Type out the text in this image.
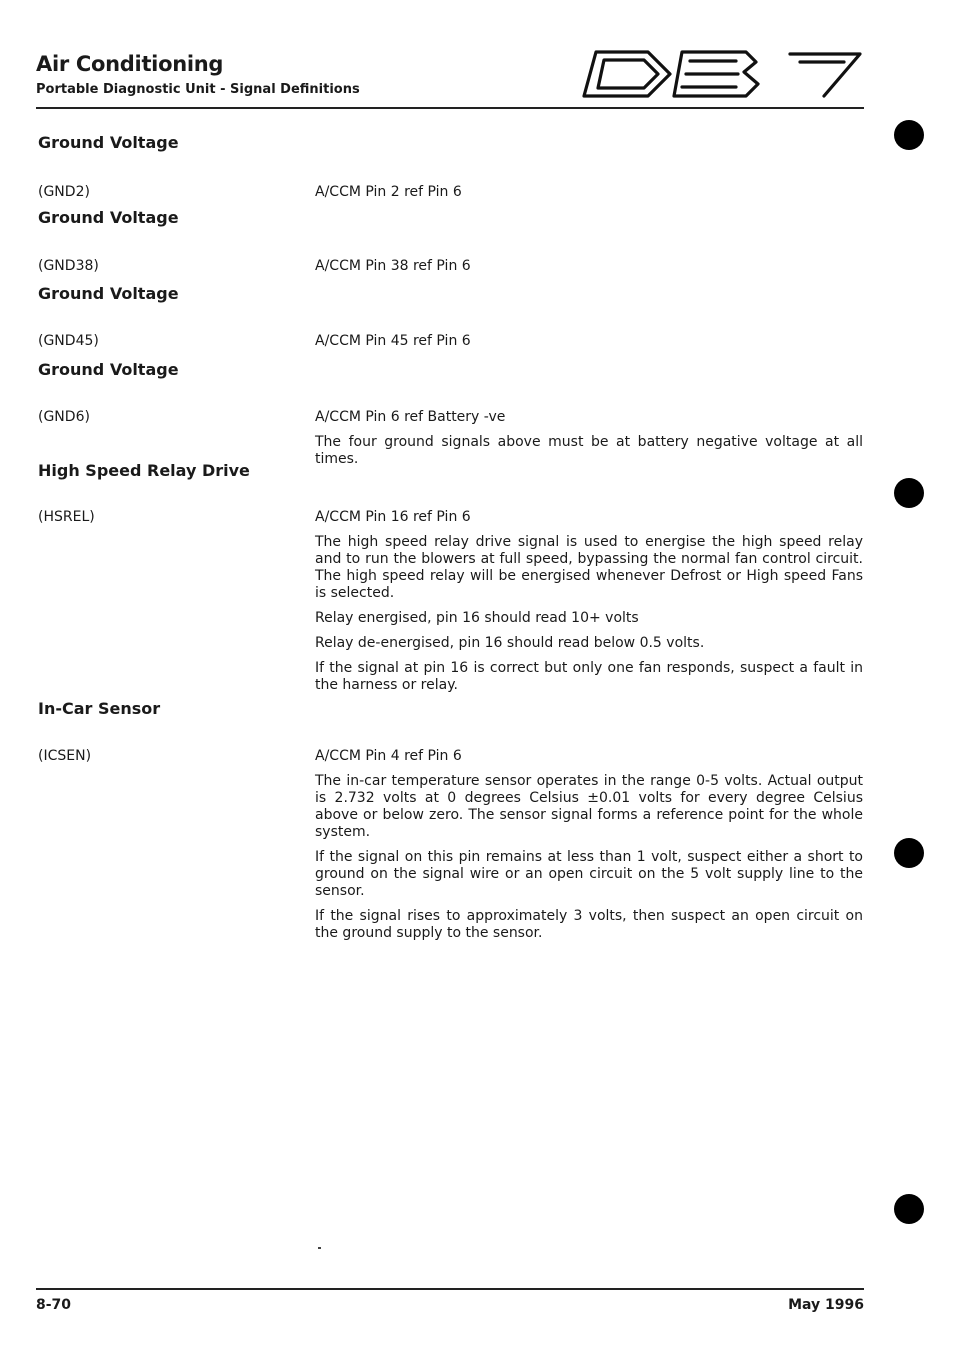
Air Conditioning
Portable Diagnostic Unit - Signal Definitions
Ground Voltage
(GND2)	A/CCM Pin 2 ref Pin 6

Ground Voltage
(GND38)	A/CCM Pin 38 ref Pin 6

Ground Voltage
(GND45)	A/CCM Pin 45 ref Pin 6

Ground Voltage
(GND6)	A/CCM Pin 6 ref Battery -ve

The four ground signals above must be at battery negative voltage at all times.

High Speed Relay Drive
(HSREL)	A/CCM Pin 16 ref Pin 6

The high speed relay drive signal is used to energise the high speed relay and to run the blowers at full speed, bypassing the normal fan control circuit. The high speed relay will be energised whenever Defrost or High speed Fans is selected.

Relay energised, pin 16 should read 10+ volts

Relay de-energised, pin 16 should read below 0.5 volts.

If the signal at pin 16 is correct but only one fan responds, suspect a fault in the harness or relay.

In-Car Sensor
(ICSEN)	A/CCM Pin 4 ref Pin 6

The in-car temperature sensor operates in the range 0-5 volts. Actual output is 2.732 volts at 0 degrees Celsius ±0.01 volts for every degree Celsius above or below zero. The sensor signal forms a reference point for the whole system.

If the signal on this pin remains at less than 1 volt, suspect either a short to ground on the signal wire or an open circuit on the 5 volt supply line to the sensor.

If the signal rises to approximately 3 volts, then suspect an open circuit on the ground supply to the sensor.

8-70	May 1996
